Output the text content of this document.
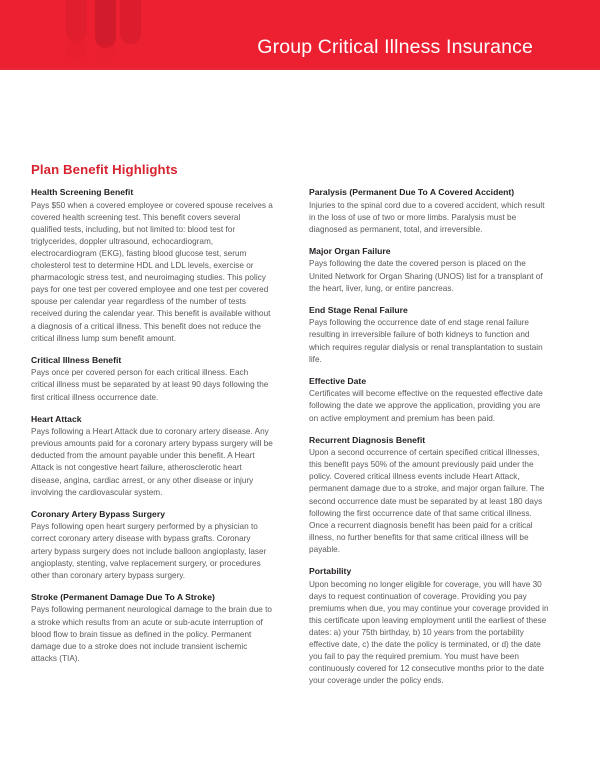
Group Critical Illness Insurance
Plan Benefit Highlights
Health Screening Benefit

Pays $50 when a covered employee or covered spouse receives a covered health screening test. This benefit covers several qualified tests, including, but not limited to: blood test for triglycerides, doppler ultrasound, echocardiogram, electrocardiogram (EKG), fasting blood glucose test, serum cholesterol test to determine HDL and LDL levels, exercise or pharmacologic stress test, and neuroimaging studies. This policy pays for one test per covered employee and one test per covered spouse per calendar year regardless of the number of tests received during the calendar year. This benefit is available without a diagnosis of a critical illness. This benefit does not reduce the critical illness lump sum benefit amount.

Critical Illness Benefit

Pays once per covered person for each critical illness. Each critical illness must be separated by at least 90 days following the first critical illness occurrence date.

Heart Attack

Pays following a Heart Attack due to coronary artery disease. Any previous amounts paid for a coronary artery bypass surgery will be deducted from the amount payable under this benefit. A Heart Attack is not congestive heart failure, atherosclerotic heart disease, angina, cardiac arrest, or any other disease or injury involving the cardiovascular system.

Coronary Artery Bypass Surgery

Pays following open heart surgery performed by a physician to correct coronary artery disease with bypass grafts. Coronary artery bypass surgery does not include balloon angioplasty, laser angioplasty, stenting, valve replacement surgery, or procedures other than coronary artery bypass surgery.

Stroke (Permanent Damage Due To A Stroke)

Pays following permanent neurological damage to the brain due to a stroke which results from an acute or sub-acute interruption of blood flow to brain tissue as defined in the policy. Permanent damage due to a stroke does not include transient ischemic attacks (TIA).

Paralysis (Permanent Due To A Covered Accident)

Injuries to the spinal cord due to a covered accident, which result in the loss of use of two or more limbs. Paralysis must be diagnosed as permanent, total, and irreversible.

Major Organ Failure

Pays following the date the covered person is placed on the United Network for Organ Sharing (UNOS) list for a transplant of the heart, liver, lung, or entire pancreas.

End Stage Renal Failure

Pays following the occurrence date of end stage renal failure resulting in irreversible failure of both kidneys to function and which requires regular dialysis or renal transplantation to sustain life.

Effective Date

Certificates will become effective on the requested effective date following the date we approve the application, providing you are on active employment and premium has been paid.

Recurrent Diagnosis Benefit

Upon a second occurrence of certain specified critical illnesses, this benefit pays 50% of the amount previously paid under the policy. Covered critical illness events include Heart Attack, permanent damage due to a stroke, and major organ failure. The second occurrence date must be separated by at least 180 days following the first occurrence date of that same critical illness. Once a recurrent diagnosis benefit has been paid for a critical illness, no further benefits for that same critical illness will be payable.

Portability

Upon becoming no longer eligible for coverage, you will have 30 days to request continuation of coverage. Providing you pay premiums when due, you may continue your coverage provided in this certificate upon leaving employment until the earliest of these dates: a) your 75th birthday, b) 10 years from the portability effective date, c) the date the policy is terminated, or d) the date you fail to pay the required premium. You must have been continuously covered for 12 consecutive months prior to the date your coverage under the policy ends.
